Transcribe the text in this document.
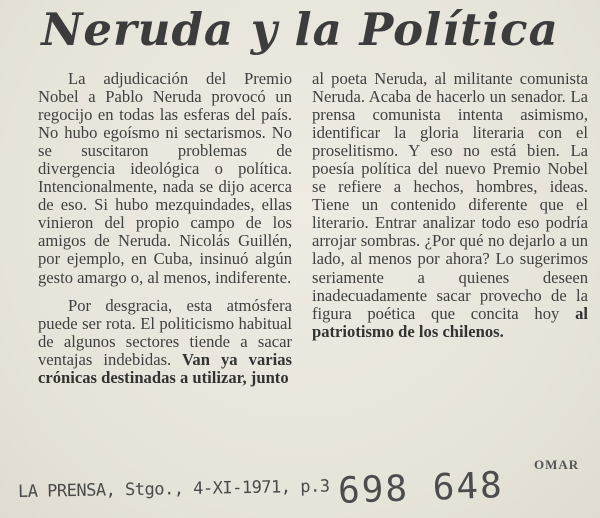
Neruda y la Política

La adjudicación del Premio Nobel a Pablo Neruda provocó un regocijo en todas las esferas del país. No hubo egoísmo ni sectarismos. No se suscitaron problemas de divergencia ideológica o política. Intencionalmente, nada se dijo acerca de eso. Si hubo mezquindades, ellas vinieron del propio campo de los amigos de Neruda. Nicolás Guillén, por ejemplo, en Cuba, insinuó algún gesto amargo o, al menos, indiferente.

Por desgracia, esta atmósfera puede ser rota. El politicismo habitual de algunos sectores tiende a sacar ventajas indebidas. Van ya varias crónicas destinadas a utilizar, junto

al poeta Neruda, al militante comunista Neruda. Acaba de hacerlo un senador. La prensa comunista intenta asimismo, identificar la gloria literaria con el proselitismo. Y eso no está bien. La poesía política del nuevo Premio Nobel se refiere a hechos, hombres, ideas. Tiene un contenido diferente que el literario. Entrar analizar todo eso podría arrojar sombras. ¿Por qué no dejarlo a un lado, al menos por ahora? Lo sugerimos seriamente a quienes deseen inadecuadamente sacar provecho de la figura poética que concita hoy al patriotismo de los chilenos.

OMAR
LA PRENSA, Stgo., 4-XI-1971, p.3 698 648
